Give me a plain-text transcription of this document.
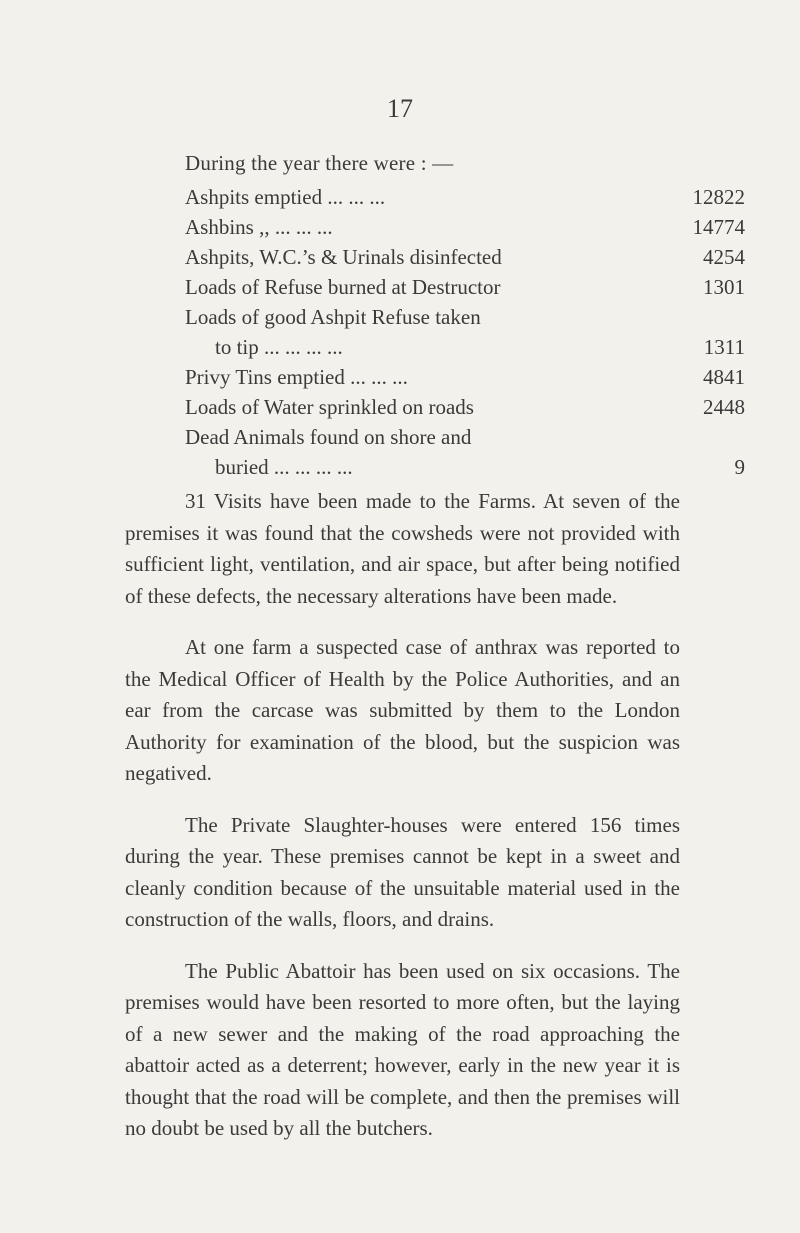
17
During the year there were : —
Ashpits emptied ... ... ...	12822
Ashbins ,, ... ... ...	14774
Ashpits, W.C.’s & Urinals disinfected	4254
Loads of Refuse burned at Destructor	1301
Loads of good Ashpit Refuse taken
to tip ... ... ... ...	1311
Privy Tins emptied ... ... ...	4841
Loads of Water sprinkled on roads	2448
Dead Animals found on shore and
buried ... ... ... ...	9

31 Visits have been made to the Farms. At seven of the premises it was found that the cowsheds were not provided with sufficient light, ventilation, and air space, but after being notified of these defects, the necessary alterations have been made.

At one farm a suspected case of anthrax was reported to the Medical Officer of Health by the Police Authorities, and an ear from the carcase was submitted by them to the London Authority for examination of the blood, but the suspicion was negatived.

The Private Slaughter-houses were entered 156 times during the year. These premises cannot be kept in a sweet and cleanly condition because of the unsuitable material used in the construction of the walls, floors, and drains.

The Public Abattoir has been used on six occasions. The premises would have been resorted to more often, but the laying of a new sewer and the making of the road approaching the abattoir acted as a deterrent; however, early in the new year it is thought that the road will be complete, and then the premises will no doubt be used by all the butchers.
